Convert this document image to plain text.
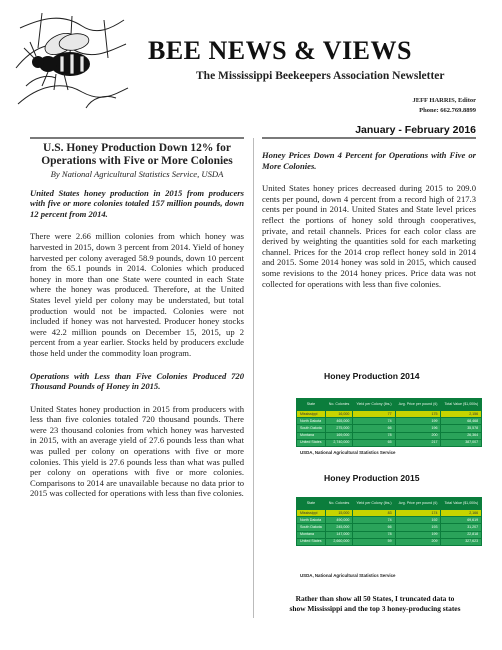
BEE NEWS & VIEWS
The Mississippi Beekeepers Association Newsletter
JEFF HARRIS, Editor
Phone: 662.769.8899
January - February 2016
U.S. Honey Production Down 12% for
Operations with Five or More Colonies
By National Agricultural Statistics Service, USDA

United States honey production in 2015 from producers with five or more colonies totaled 157 million pounds, down 12 percent from 2014.

There were 2.66 million colonies from which honey was harvested in 2015, down 3 percent from 2014. Yield of honey harvested per colony averaged 58.9 pounds, down 10 percent from the 65.1 pounds in 2014. Colonies which produced honey in more than one State were counted in each State where the honey was produced. Therefore, at the United States level yield per colony may be understated, but total production would not be impacted. Colonies were not included if honey was not harvested. Producer honey stocks were 42.2 million pounds on December 15, 2015, up 2 percent from a year earlier. Stocks held by producers exclude those held under the commodity loan program.

Operations with Less than Five Colonies Produced 720 Thousand Pounds of Honey in 2015.

United States honey production in 2015 from producers with less than five colonies totaled 720 thousand pounds. There were 23 thousand colonies from which honey was harvested in 2015, with an average yield of 27.6 pounds less than what was pulled per colony on operations with five or more colonies. This yield is 27.6 pounds less than what was pulled per colony on operations with five or more colonies. Comparisons to 2014 are unavailable because no data prior to 2015 was collected for operations with less than five colonies.

Honey Prices Down 4 Percent for Operations with Five or More Colonies.

United States honey prices decreased during 2015 to 209.0 cents per pound, down 4 percent from a record high of 217.3 cents per pound in 2014. United States and State level prices reflect the portions of honey sold through cooperatives, private, and retail channels. Prices for each color class are derived by weighting the quantities sold for each marketing channel. Prices for the 2014 crop reflect honey sold in 2014 and 2015. Some 2014 honey was sold in 2015, which caused some revisions to the 2014 honey prices. Price data was not collected for operations with less than five colonies.

Honey Production 2014
State	No. Colonies	Yield per Colony (lbs.)	Avg. Price per pound (¢)	Total Value ($1,000s)
Mississippi	16,000	77	175	2,156
North Dakota	465,000	74	199	68,468
South Dakota	275,000	66	196	35,578
Montana	169,000	78	200	26,364
United States	2,740,000	65	217	387,007
USDA, National Agricultural Statistics Service
Honey Production 2015
State	No. Colonies	Yield per Colony (lbs.)	Avg. Price per pound (¢)	Total Value ($1,000s)
Mississippi	15,000	83	174	2,166
North Dakota	490,000	74	192	69,619
South Dakota	245,000	66	193	31,207
Montana	147,000	78	199	22,818
United States	2,660,000	59	209	327,623
USDA, National Agricultural Statistics Service
Rather than show all 50 States, I truncated data to
show Mississippi and the top 3 honey-producing states
